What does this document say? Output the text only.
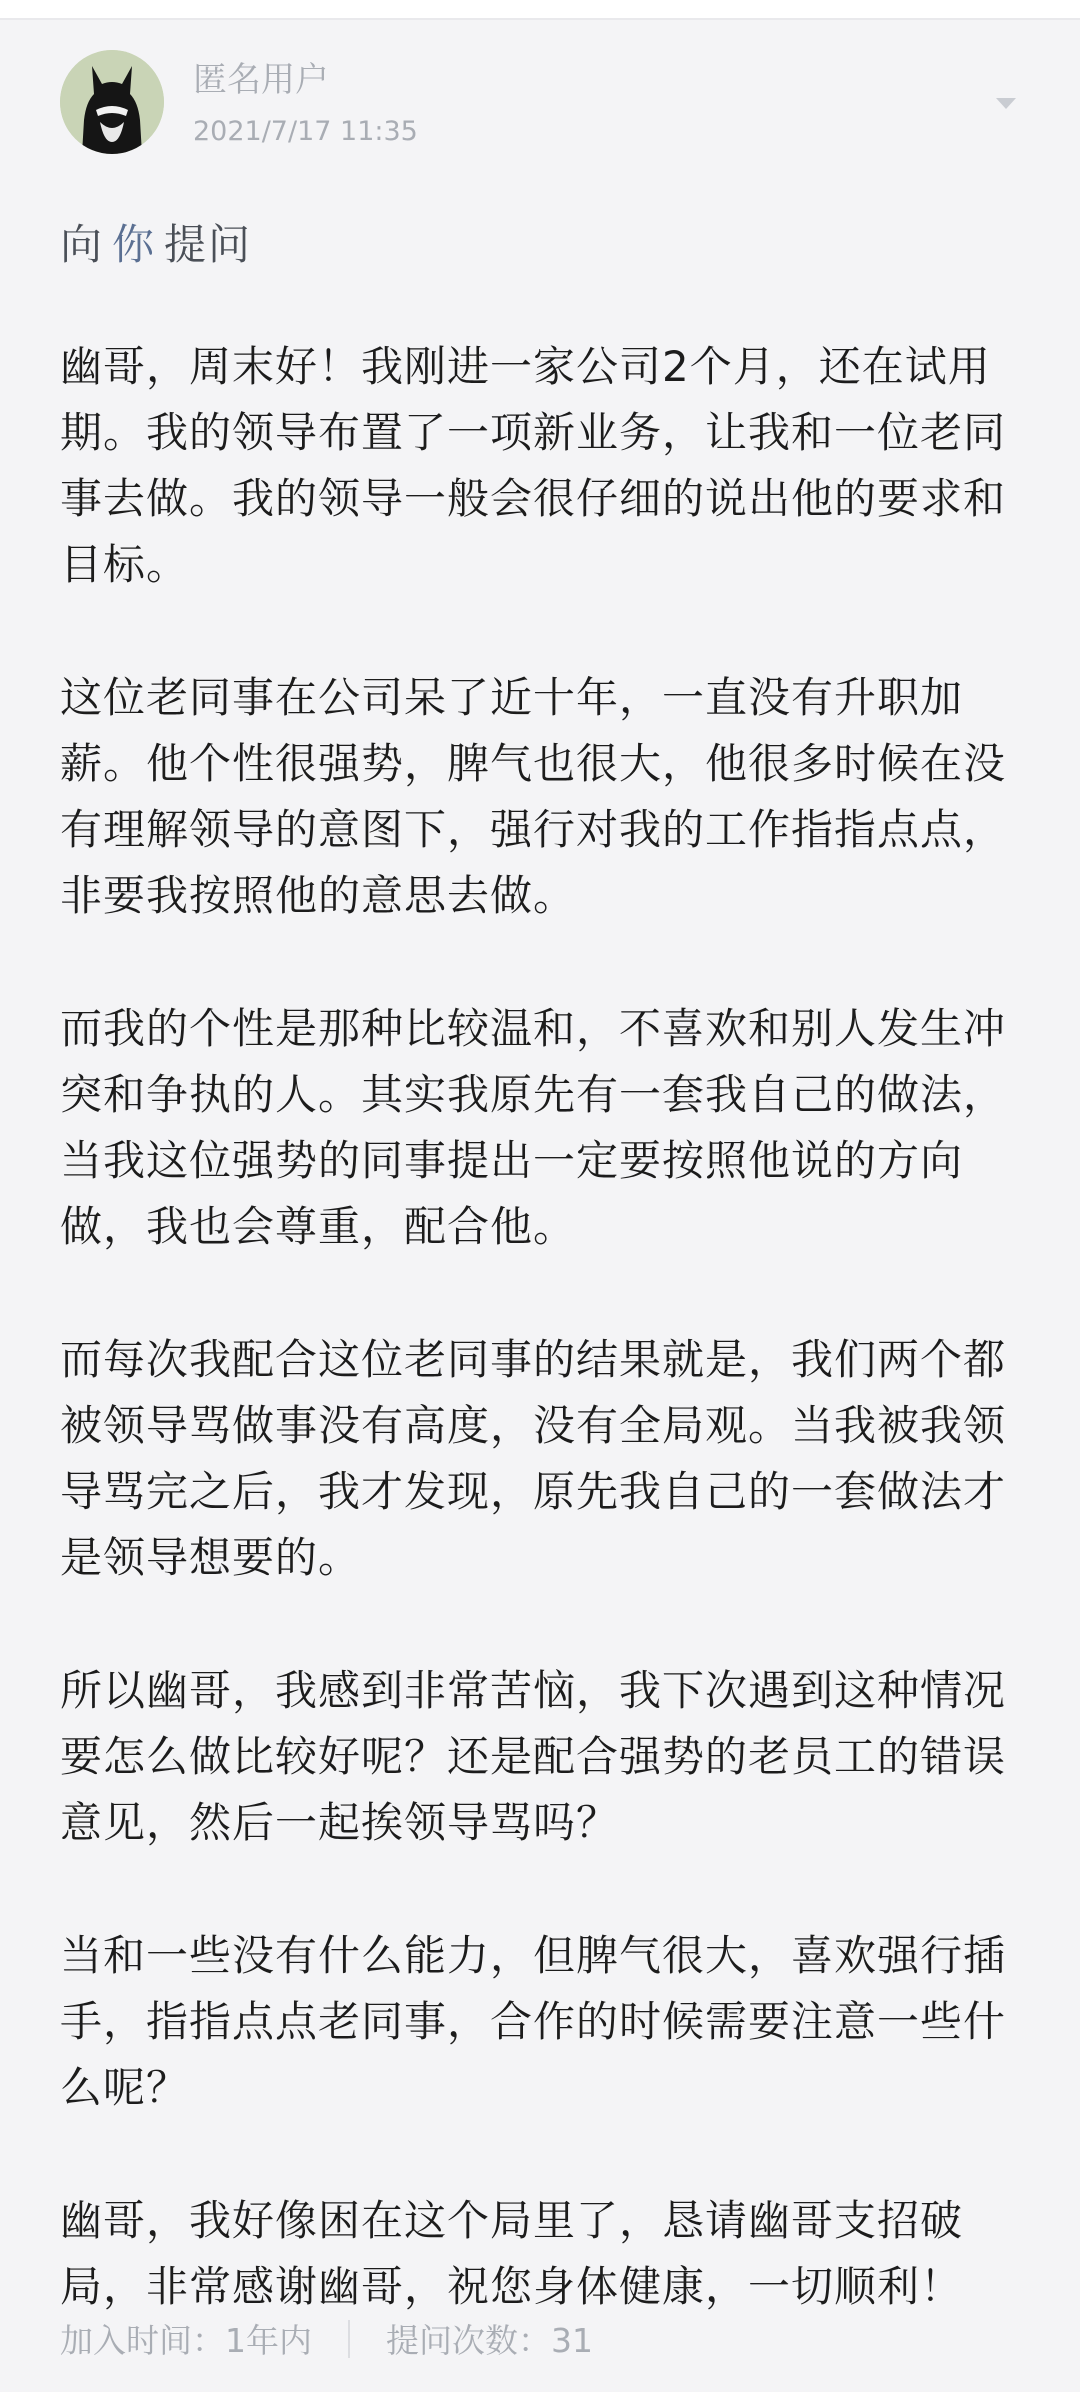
匿名用户
2021/7/17 11:35
向 你 提问

幽哥，周末好！我刚进一家公司2个月，还在试用期。我的领导布置了一项新业务，让我和一位老同事去做。我的领导一般会很仔细的说出他的要求和目标。

这位老同事在公司呆了近十年，一直没有升职加薪。他个性很强势，脾气也很大，他很多时候在没有理解领导的意图下，强行对我的工作指指点点，非要我按照他的意思去做。

而我的个性是那种比较温和，不喜欢和别人发生冲突和争执的人。其实我原先有一套我自己的做法，当我这位强势的同事提出一定要按照他说的方向做，我也会尊重，配合他。

而每次我配合这位老同事的结果就是，我们两个都被领导骂做事没有高度，没有全局观。当我被我领导骂完之后，我才发现，原先我自己的一套做法才是领导想要的。

所以幽哥，我感到非常苦恼，我下次遇到这种情况要怎么做比较好呢？还是配合强势的老员工的错误意见，然后一起挨领导骂吗？

当和一些没有什么能力，但脾气很大，喜欢强行插手，指指点点老同事，合作的时候需要注意一些什么呢？

幽哥，我好像困在这个局里了，恳请幽哥支招破局，非常感谢幽哥，祝您身体健康，一切顺利！

加入时间：1年内 提问次数：31
